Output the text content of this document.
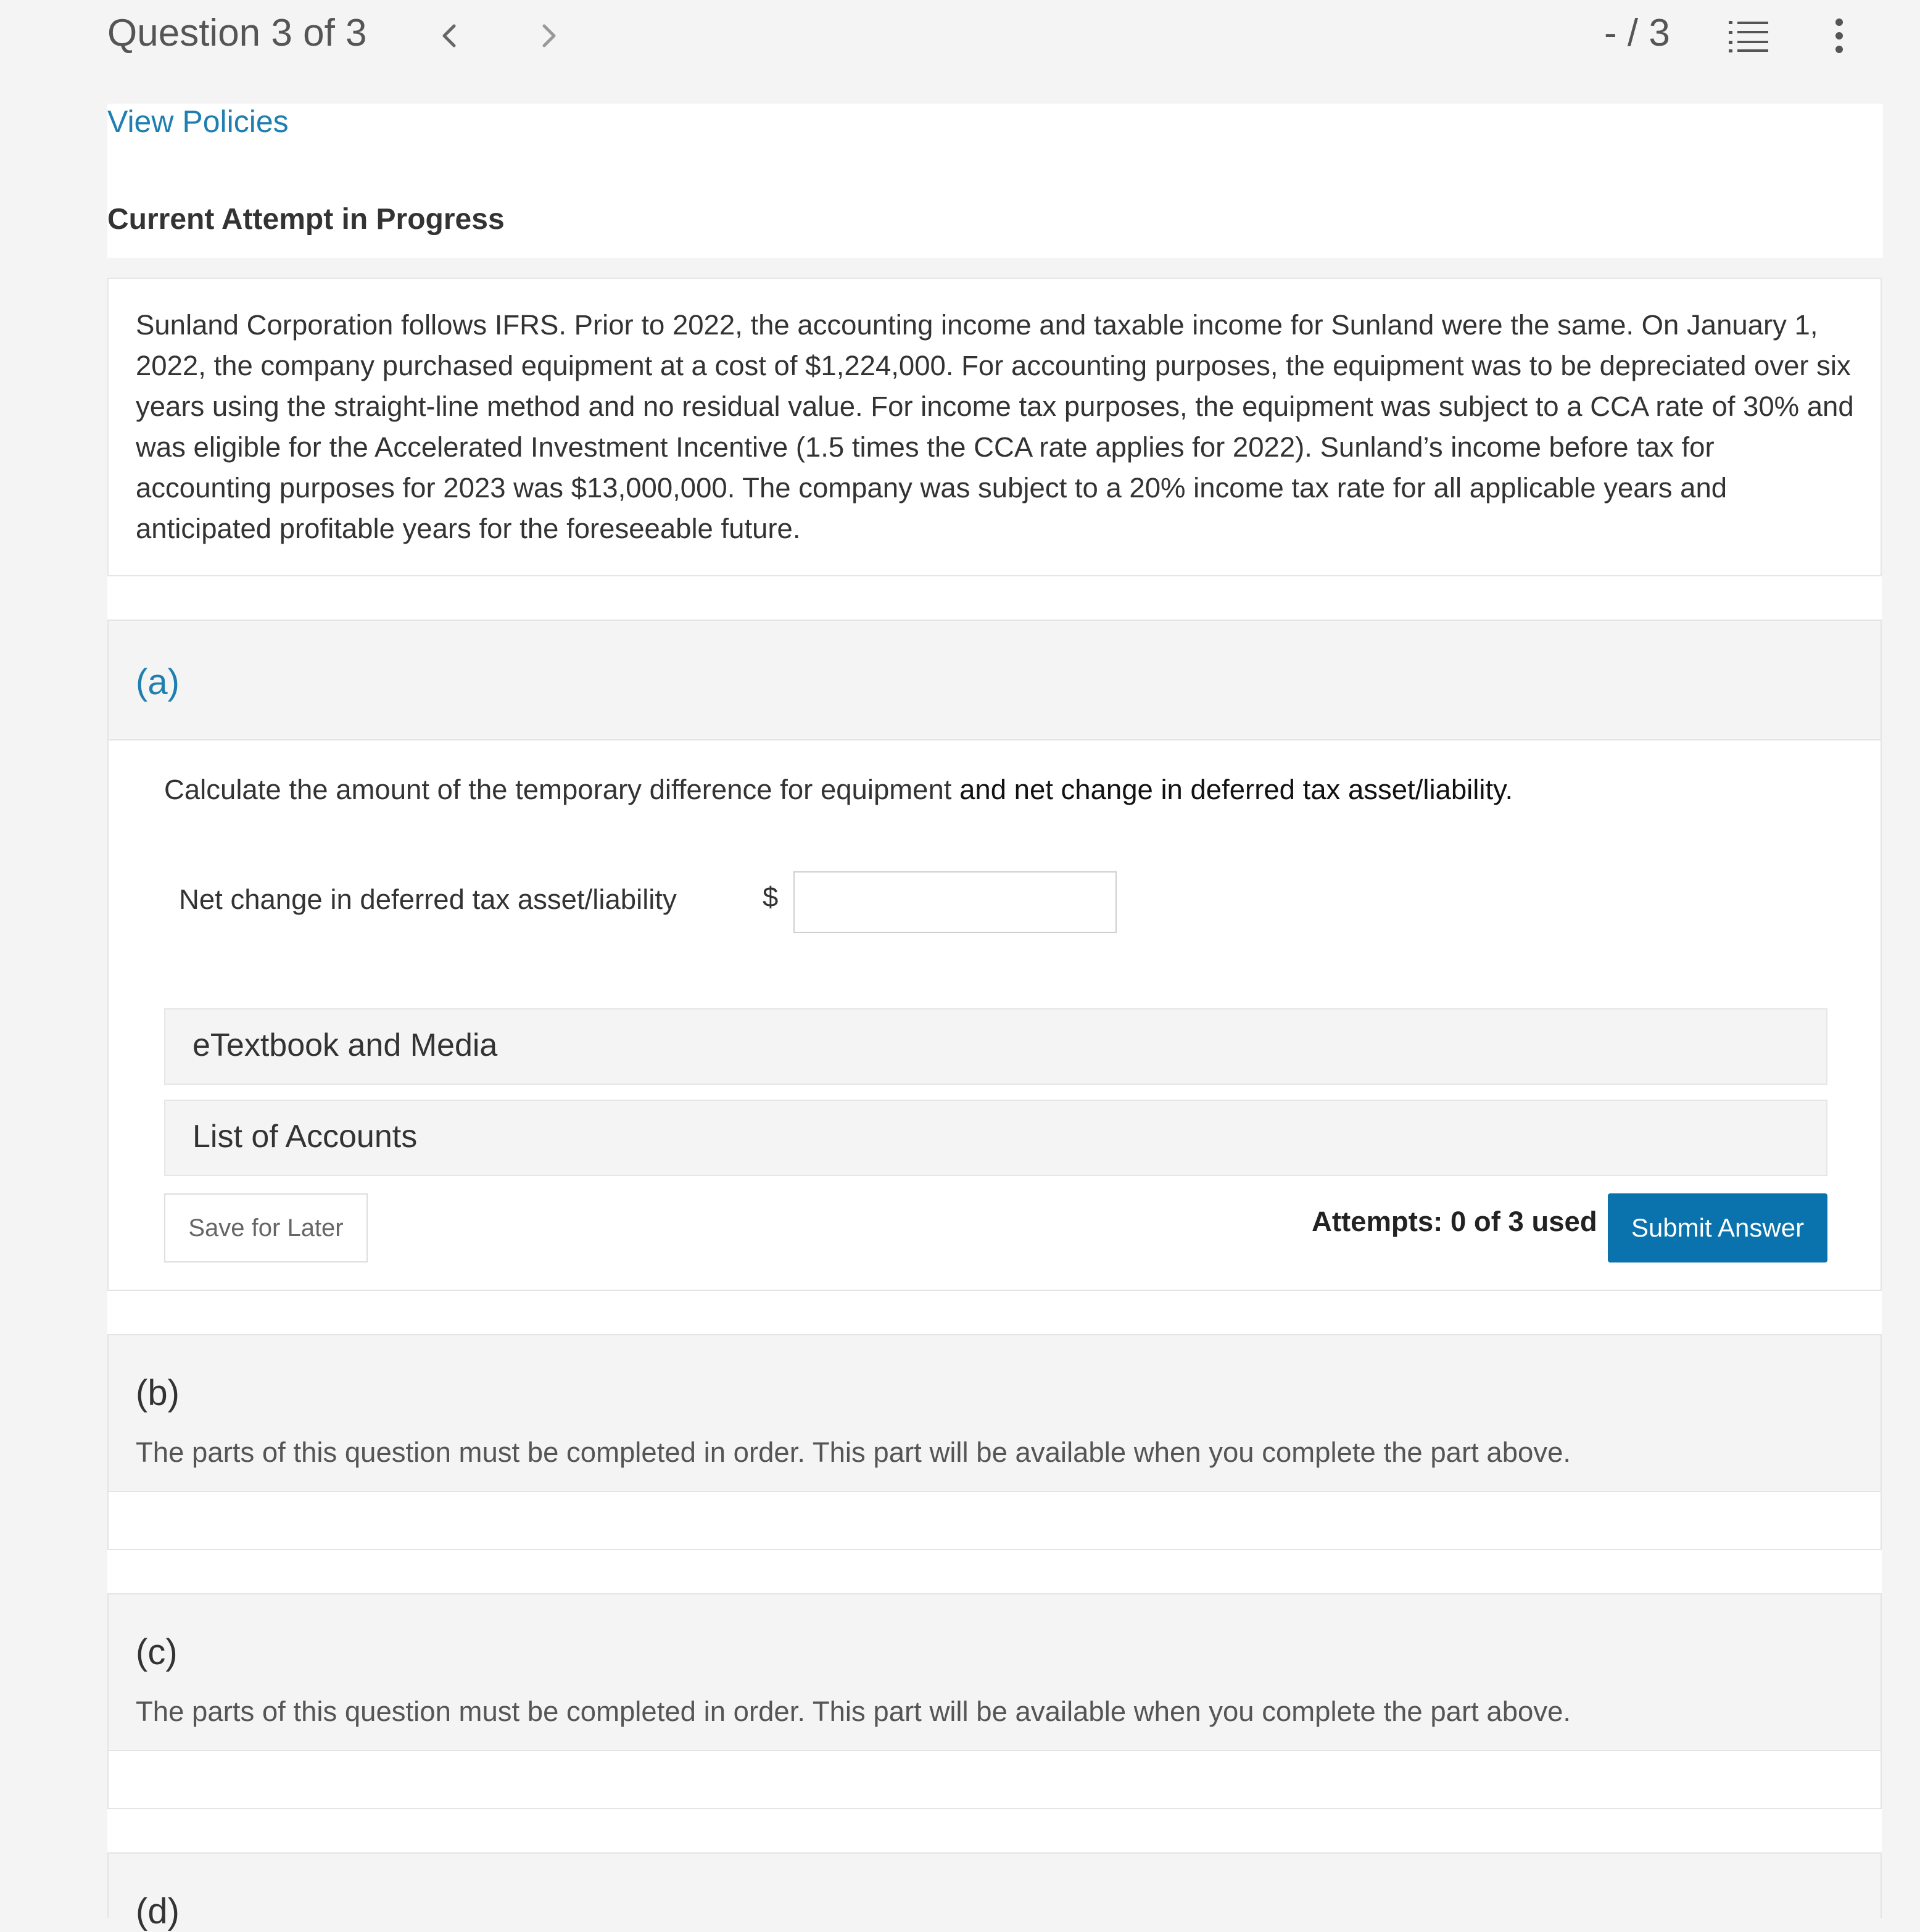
Question 3 of 3	- / 3
View Policies
Current Attempt in Progress

Sunland Corporation follows IFRS. Prior to 2022, the accounting income and taxable income for Sunland were the same. On January 1, 2022, the company purchased equipment at a cost of $1,224,000. For accounting purposes, the equipment was to be depreciated over six years using the straight-line method and no residual value. For income tax purposes, the equipment was subject to a CCA rate of 30% and was eligible for the Accelerated Investment Incentive (1.5 times the CCA rate applies for 2022). Sunland’s income before tax for accounting purposes for 2023 was $13,000,000. The company was subject to a 20% income tax rate for all applicable years and anticipated profitable years for the foreseeable future.

(a)
Calculate the amount of the temporary difference for equipment and net change in deferred tax asset/liability.
Net change in deferred tax asset/liability	$
eTextbook and Media
List of Accounts
Save for Later	Attempts: 0 of 3 used	Submit Answer
(b)
The parts of this question must be completed in order. This part will be available when you complete the part above.
(c)
The parts of this question must be completed in order. This part will be available when you complete the part above.
(d)
